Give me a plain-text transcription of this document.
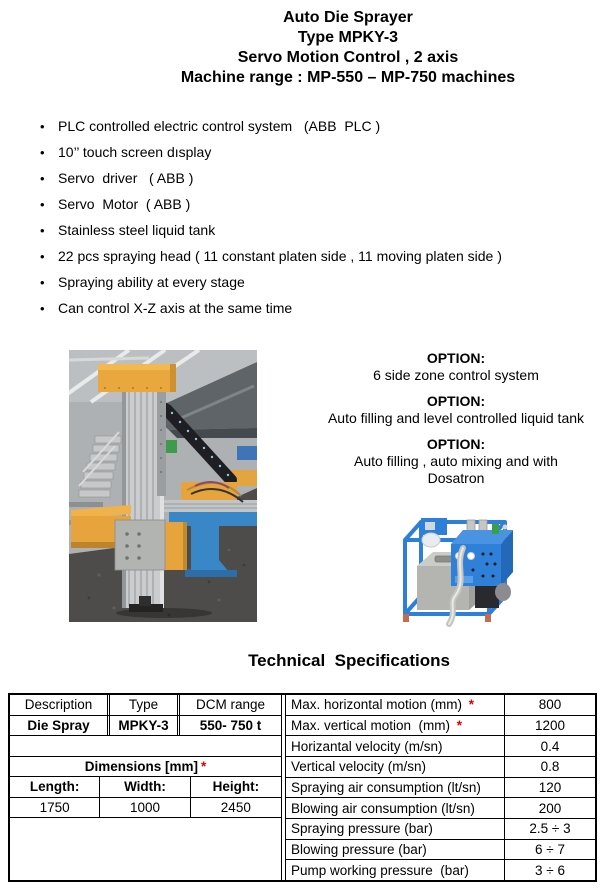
Auto Die Sprayer
Type MPKY-3
Servo Motion Control , 2 axis
Machine range : MP-550 – MP-750 machines
• PLC controlled electric control system   (ABB  PLC )
• 10’’ touch screen dısplay
• Servo  driver   ( ABB )
• Servo  Motor  ( ABB )
• Stainless steel liquid tank
• 22 pcs spraying head ( 11 constant platen side , 11 moving platen side )
• Spraying ability at every stage
• Can control X-Z axis at the same time
OPTION:
6 side zone control system
OPTION:
Auto filling and level controlled liquid tank
OPTION:
Auto filling , auto mixing and with Dosatron
Technical  Specifications
Description	Type	DCM range
Die Spray	MPKY-3	550- 750 t
Dimensions [mm] *
Length:	Width:	Height:
1750	1000	2450
Max. horizontal motion (mm) *	800
Max. vertical motion  (mm) *	1200
Horizantal velocity (m/sn)	0.4
Vertical velocity (m/sn)	0.8
Spraying air consumption (lt/sn)	120
Blowing air consumption (lt/sn)	200
Spraying pressure (bar)	2.5 ÷ 3
Blowing pressure (bar)	6 ÷ 7
Pump working pressure  (bar)	3 ÷ 6
